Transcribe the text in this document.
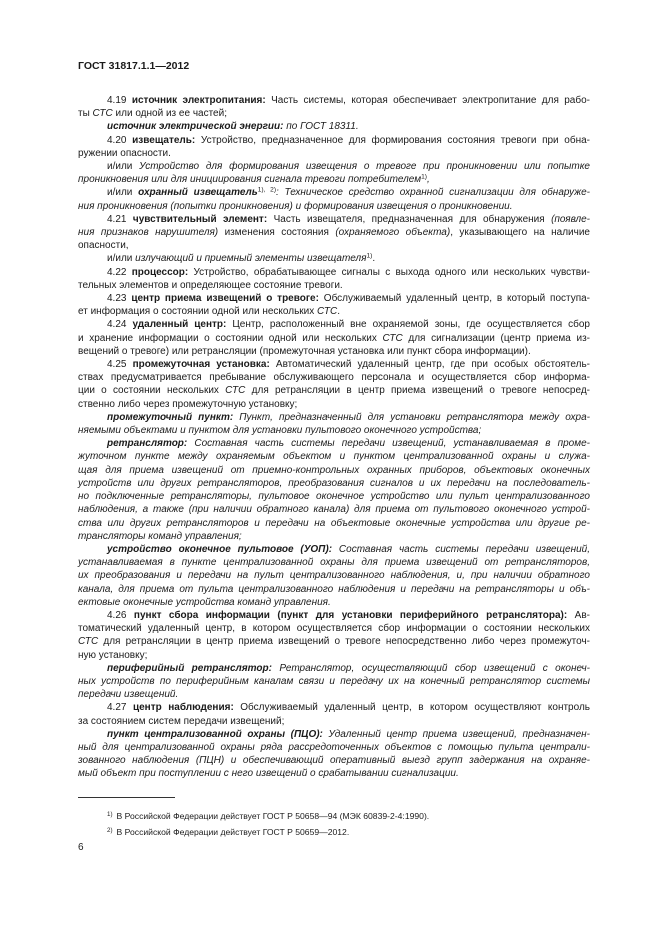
ГОСТ 31817.1.1—2012
4.19 источник электропитания: Часть системы, которая обеспечивает электропитание для рабо-
ты СТС или одной из ее частей;
источник электрической энергии: по ГОСТ 18311.
4.20 извещатель: Устройство, предназначенное для формирования состояния тревоги при обна-
ружении опасности.
и/или Устройство для формирования извещения о тревоге при проникновении или попытке
проникновения или для инициирования сигнала тревоги потребителем$^{1)}$,
и/или охранный извещатель$^{1), 2)}$: Техническое средство охранной сигнализации для обнаруже-
ния проникновения (попытки проникновения) и формирования извещения о проникновении.
4.21 чувствительный элемент: Часть извещателя, предназначенная для обнаружения (появле-
ния признаков нарушителя) изменения состояния (охраняемого объекта), указывающего на наличие
опасности,
и/или излучающий и приемный элементы извещателя$^{1)}$.
4.22 процессор: Устройство, обрабатывающее сигналы с выхода одного или нескольких чувстви-
тельных элементов и определяющее состояние тревоги.
4.23 центр приема извещений о тревоге: Обслуживаемый удаленный центр, в который поступа-
ет информация о состоянии одной или нескольких СТС.
4.24 удаленный центр: Центр, расположенный вне охраняемой зоны, где осуществляется сбор
и хранение информации о состоянии одной или нескольких СТС для сигнализации (центр приема из-
вещений о тревоге) или ретрансляции (промежуточная установка или пункт сбора информации).
4.25 промежуточная установка: Автоматический удаленный центр, где при особых обстоятель-
ствах предусматривается пребывание обслуживающего персонала и осуществляется сбор информа-
ции о состоянии нескольких СТС для ретрансляции в центр приема извещений о тревоге непосред-
ственно либо через промежуточную установку;
промежуточный пункт: Пункт, предназначенный для установки ретранслятора между охра-
няемыми объектами и пунктом для установки пультового оконечного устройства;
ретранслятор: Составная часть системы передачи извещений, устанавливаемая в проме-
жуточном пункте между охраняемым объектом и пунктом централизованной охраны и служа-
щая для приема извещений от приемно-контрольных охранных приборов, объектовых оконечных
устройств или других ретрансляторов, преобразования сигналов и их передачи на последователь-
но подключенные ретрансляторы, пультовое оконечное устройство или пульт централизованного
наблюдения, а также (при наличии обратного канала) для приема от пультового оконечного устрой-
ства или других ретрансляторов и передачи на объектовые оконечные устройства или другие ре-
трансляторы команд управления;
устройство оконечное пультовое (УОП): Составная часть системы передачи извещений,
устанавливаемая в пункте централизованной охраны для приема извещений от ретрансляторов,
их преобразования и передачи на пульт централизованного наблюдения, и, при наличии обратного
канала, для приема от пульта централизованного наблюдения и передачи на ретрансляторы и объ-
ектовые оконечные устройства команд управления.
4.26 пункт сбора информации (пункт для установки периферийного ретранслятора): Ав-
томатический удаленный центр, в котором осуществляется сбор информации о состоянии нескольких
СТС для ретрансляции в центр приема извещений о тревоге непосредственно либо через промежуточ-
ную установку;
периферийный ретранслятор: Ретранслятор, осуществляющий сбор извещений с оконеч-
ных устройств по периферийным каналам связи и передачу их на конечный ретранслятор системы
передачи извещений.
4.27 центр наблюдения: Обслуживаемый удаленный центр, в котором осуществляют контроль
за состоянием систем передачи извещений;
пункт централизованной охраны (ПЦО): Удаленный центр приема извещений, предназначен-
ный для централизованной охраны ряда рассредоточенных объектов с помощью пульта централи-
зованного наблюдения (ПЦН) и обеспечивающий оперативный выезд групп задержания на охраняе-
мый объект при поступлении с него извещений о срабатывании сигнализации.
$^{1)}$ В Российской Федерации действует ГОСТ Р 50658—94 (МЭК 60839-2-4:1990).
$^{2)}$ В Российской Федерации действует ГОСТ Р 50659—2012.
6
